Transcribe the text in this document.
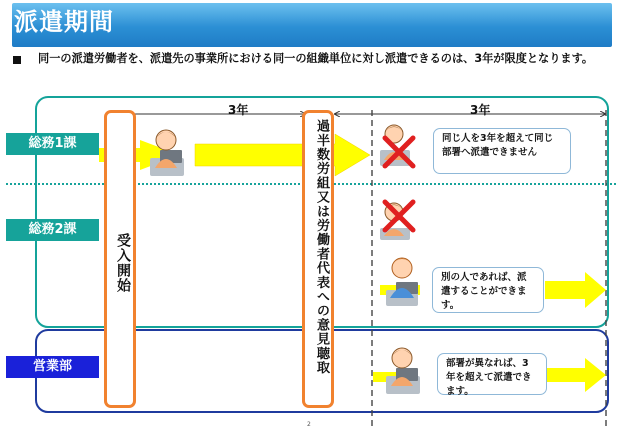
派遣期間
同一の派遣労働者を、派遣先の事業所における同一の組織単位に対し派遣できるのは、3年が限度となります。
総務1課
総務2課
営業部
3年	3年
受入開始	過半数労組又は労働者代表への意見聴取	同じ人を3年を超えて同じ部署へ派遣できません
別の人であれば、派遣することができます。
部署が異なれば、3年を超えて派遣できます。
2
